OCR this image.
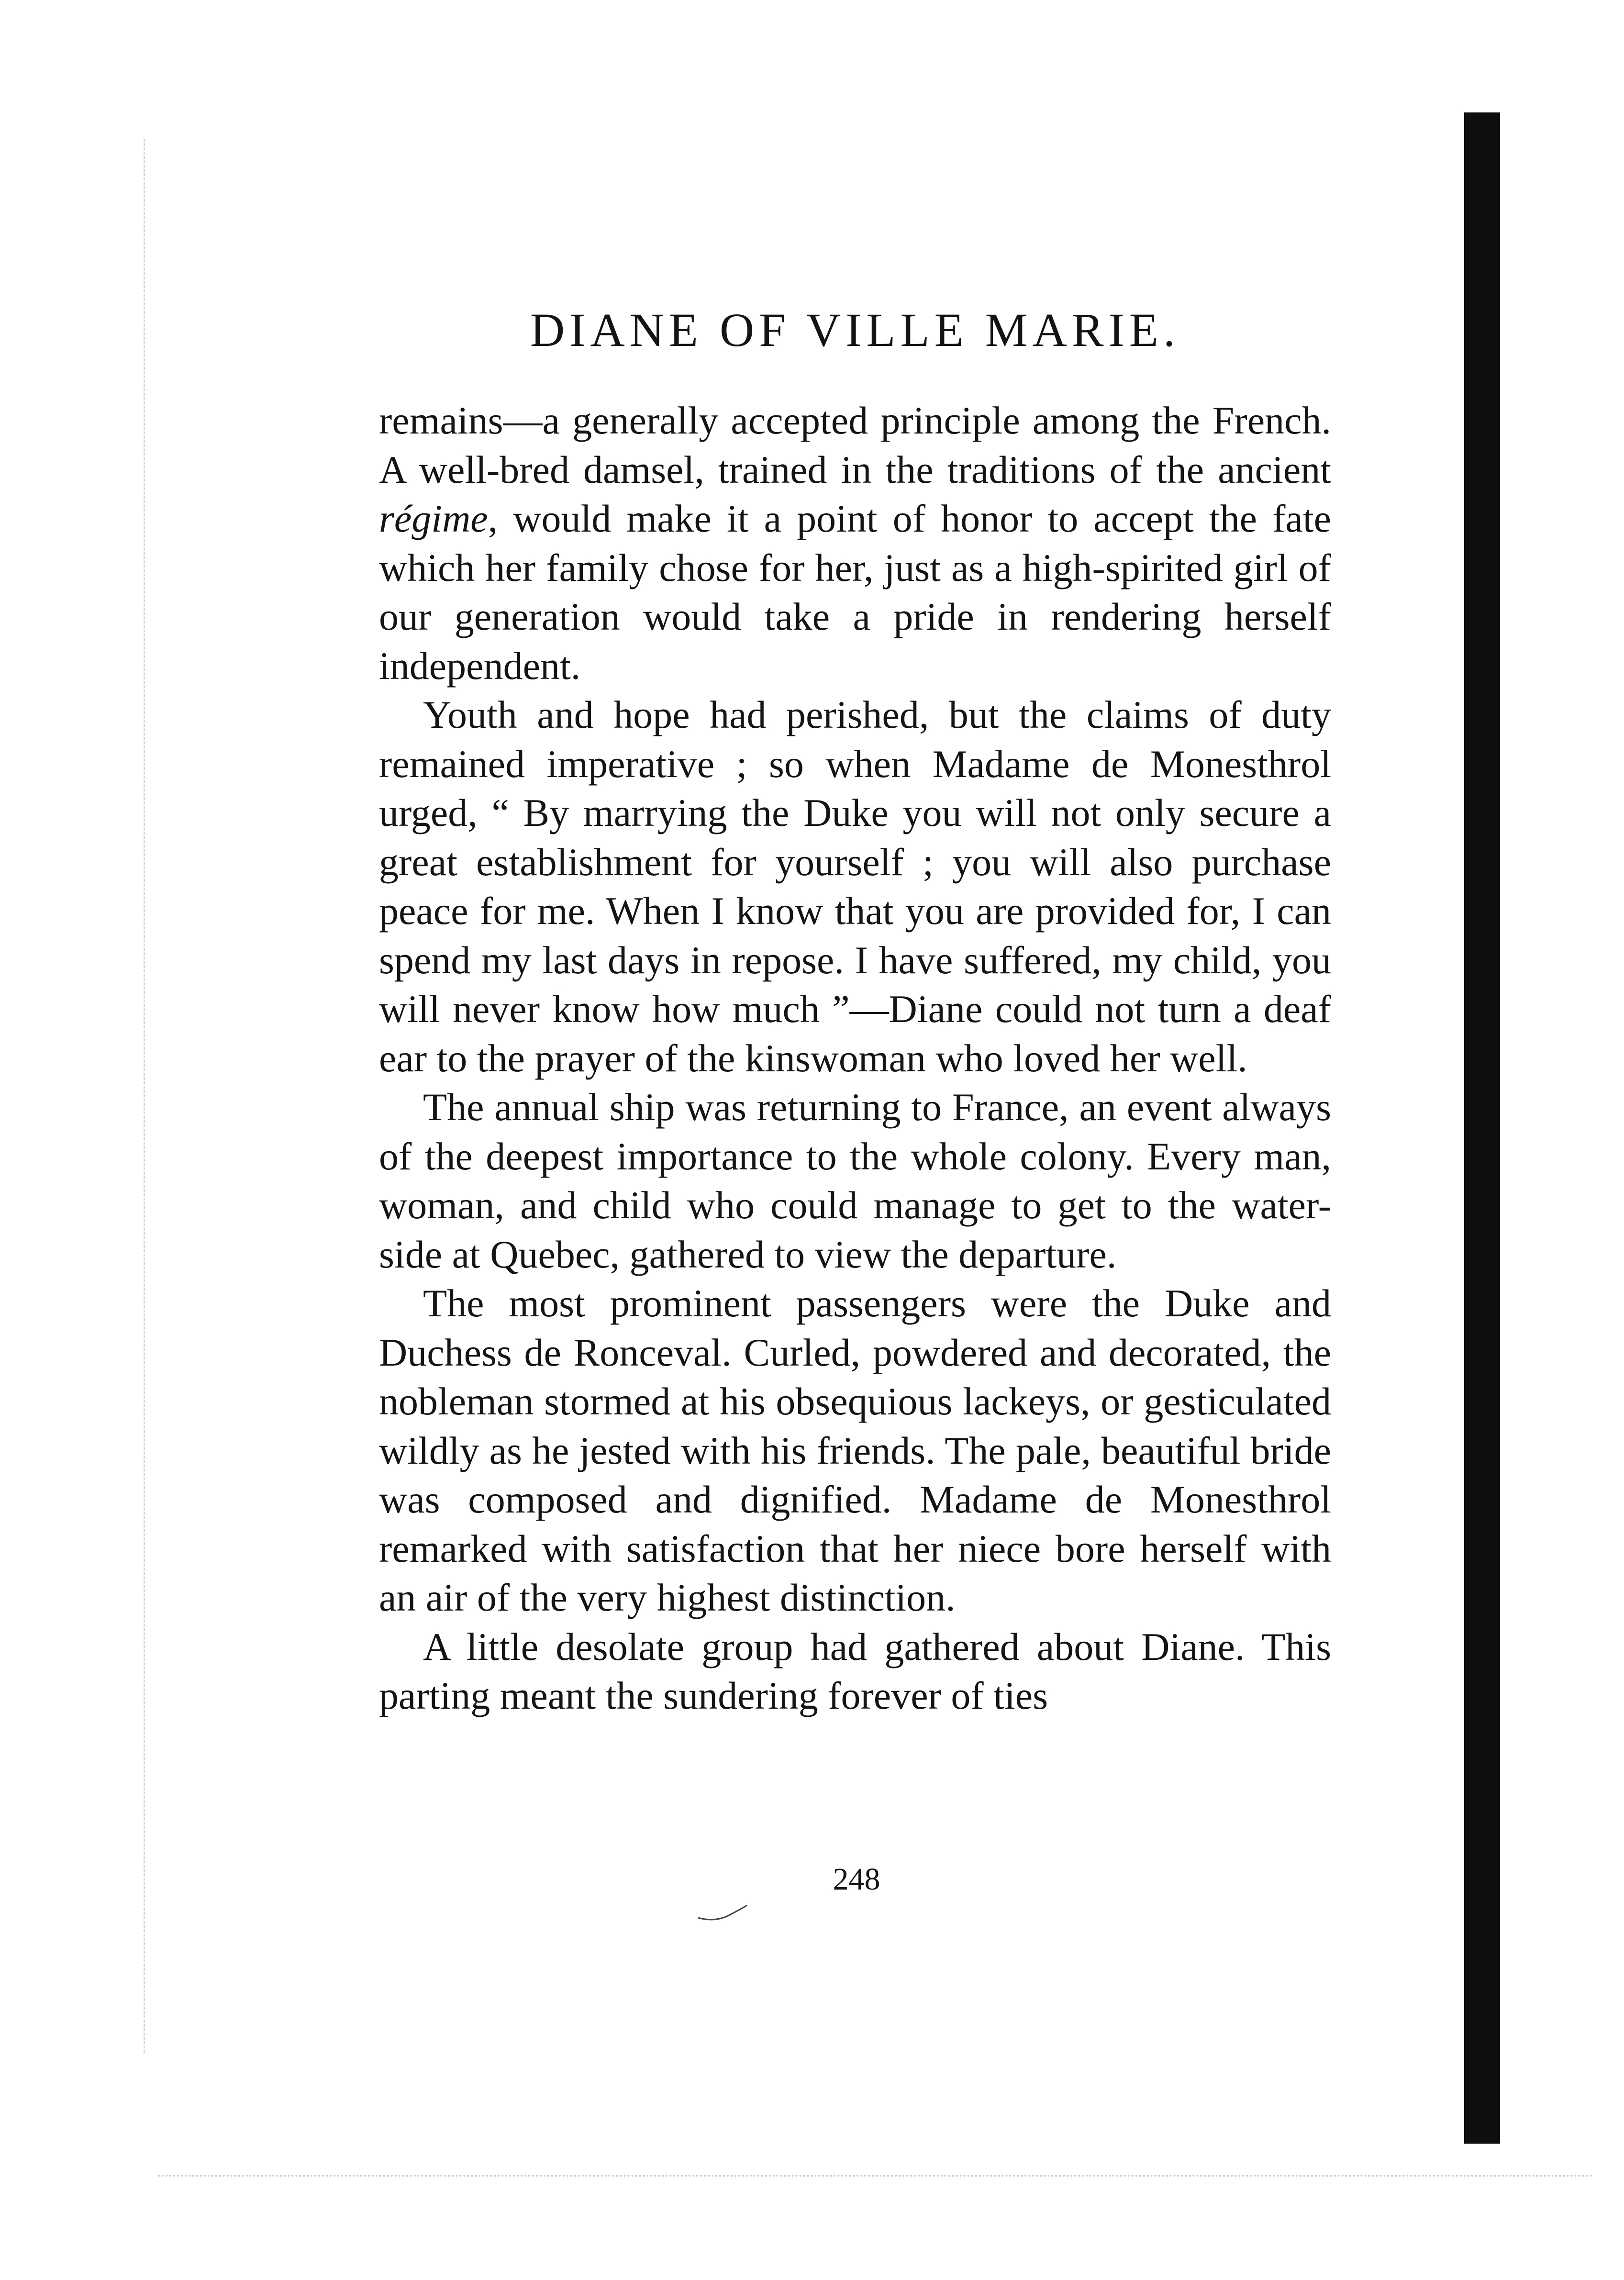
DIANE OF VILLE MARIE.

remains—a generally accepted principle among the French. A well-bred damsel, trained in the traditions of the ancient régime, would make it a point of honor to accept the fate which her family chose for her, just as a high-spirited girl of our generation would take a pride in rendering herself independent.

Youth and hope had perished, but the claims of duty remained imperative ; so when Madame de Monesthrol urged, “ By marrying the Duke you will not only secure a great establishment for yourself ; you will also purchase peace for me. When I know that you are provided for, I can spend my last days in repose. I have suffered, my child, you will never know how much ”—Diane could not turn a deaf ear to the prayer of the kinswoman who loved her well.

The annual ship was returning to France, an event always of the deepest importance to the whole colony. Every man, woman, and child who could manage to get to the water-side at Quebec, gathered to view the departure.

The most prominent passengers were the Duke and Duchess de Ronceval. Curled, powdered and decorated, the nobleman stormed at his obsequious lackeys, or gesticulated wildly as he jested with his friends. The pale, beautiful bride was composed and dignified. Madame de Monesthrol remarked with satisfaction that her niece bore herself with an air of the very highest distinction.

A little desolate group had gathered about Diane. This parting meant the sundering forever of ties

248
